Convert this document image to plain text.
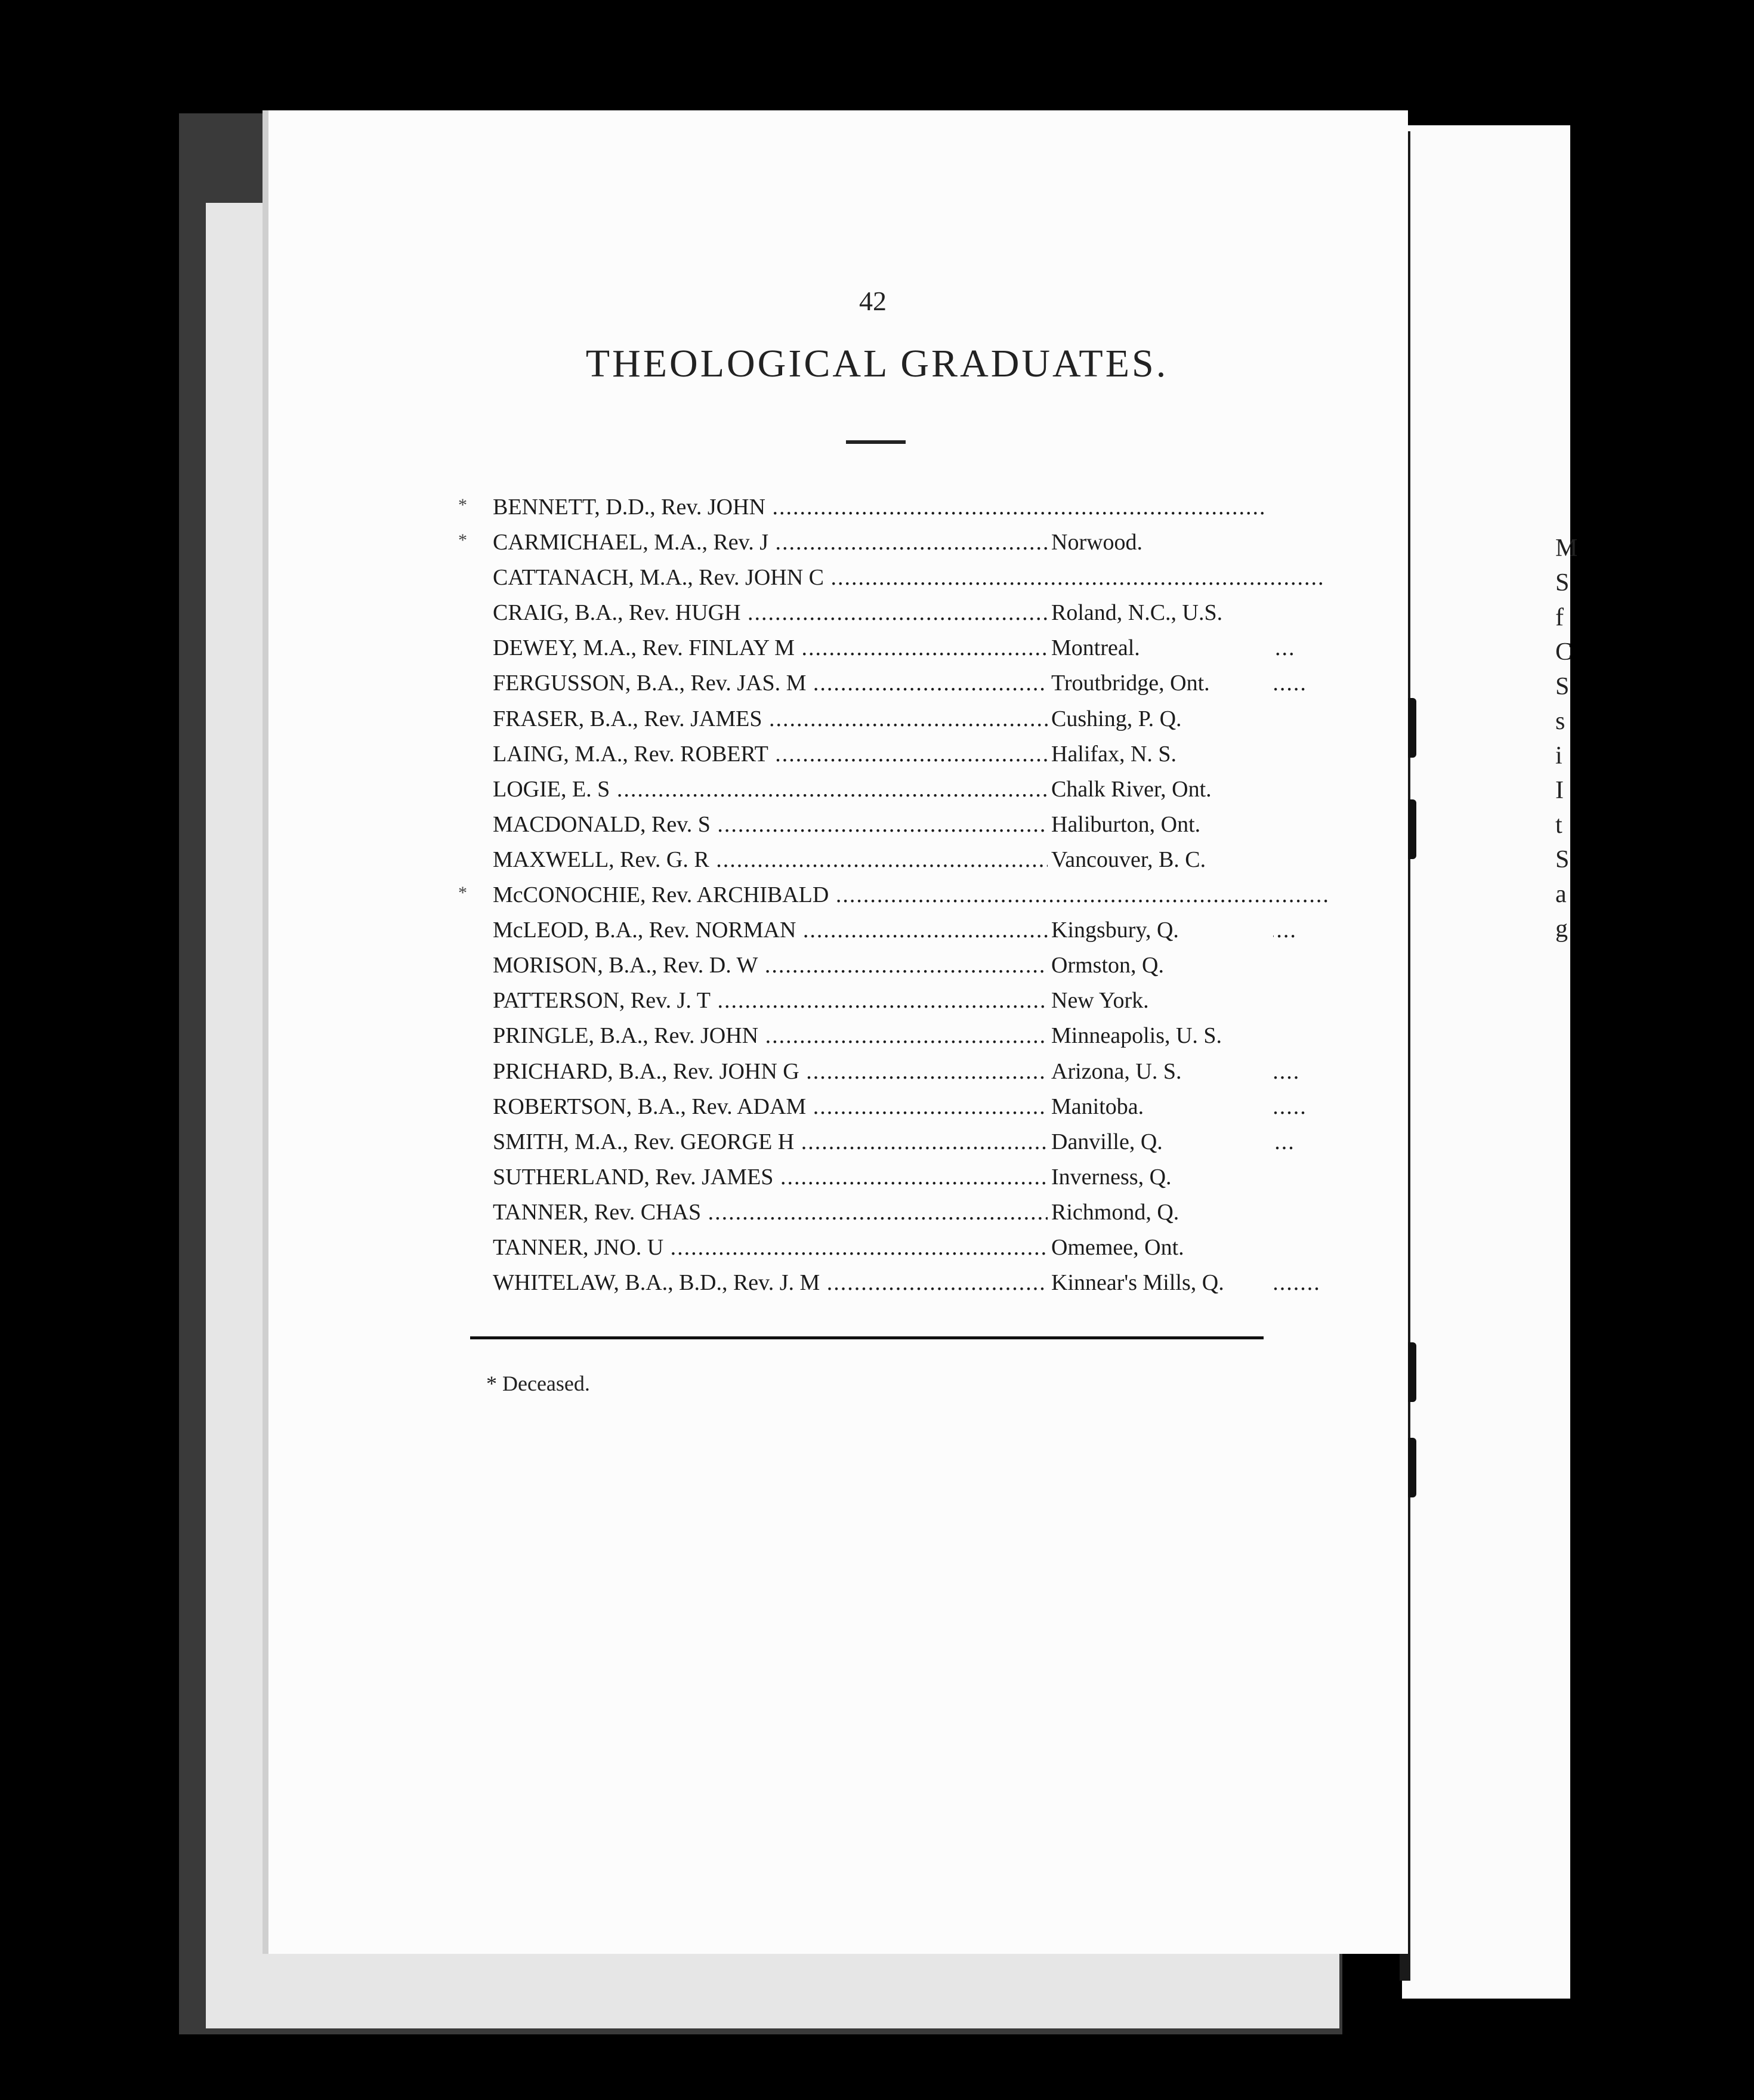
M
S
f
C
S
s
i
I
t
S
a
g
42
THEOLOGICAL GRADUATES.
* BENNETT, D.D., Rev. JOHN .....
* CARMICHAEL, M.A., Rev. J .....	Norwood.
CATTANACH, M.A., Rev. JOHN C .....
CRAIG, B.A., Rev. HUGH .....	Roland, N.C., U.S.
DEWEY, M.A., Rev. FINLAY M .....	Montreal.
FERGUSSON, B.A., Rev. JAS. M .....	Troutbridge, Ont.
FRASER, B.A., Rev. JAMES .....	Cushing, P. Q.
LAING, M.A., Rev. ROBERT .....	Halifax, N. S.
LOGIE, E. S .....	Chalk River, Ont.
MACDONALD, Rev. S .....	Haliburton, Ont.
MAXWELL, Rev. G. R .....	Vancouver, B. C.
* McCONOCHIE, Rev. ARCHIBALD .....
McLEOD, B.A., Rev. NORMAN .....	Kingsbury, Q.
MORISON, B.A., Rev. D. W .....	Ormston, Q.
PATTERSON, Rev. J. T .....	New York.
PRINGLE, B.A., Rev. JOHN .....	Minneapolis, U. S.
PRICHARD, B.A., Rev. JOHN G .....	Arizona, U. S.
ROBERTSON, B.A., Rev. ADAM .....	Manitoba.
SMITH, M.A., Rev. GEORGE H .....	Danville, Q.
SUTHERLAND, Rev. JAMES .....	Inverness, Q.
TANNER, Rev. CHAS .....	Richmond, Q.
TANNER, JNO. U .....	Omemee, Ont.
WHITELAW, B.A., B.D., Rev. J. M .....	Kinnear's Mills, Q.
* Deceased.
